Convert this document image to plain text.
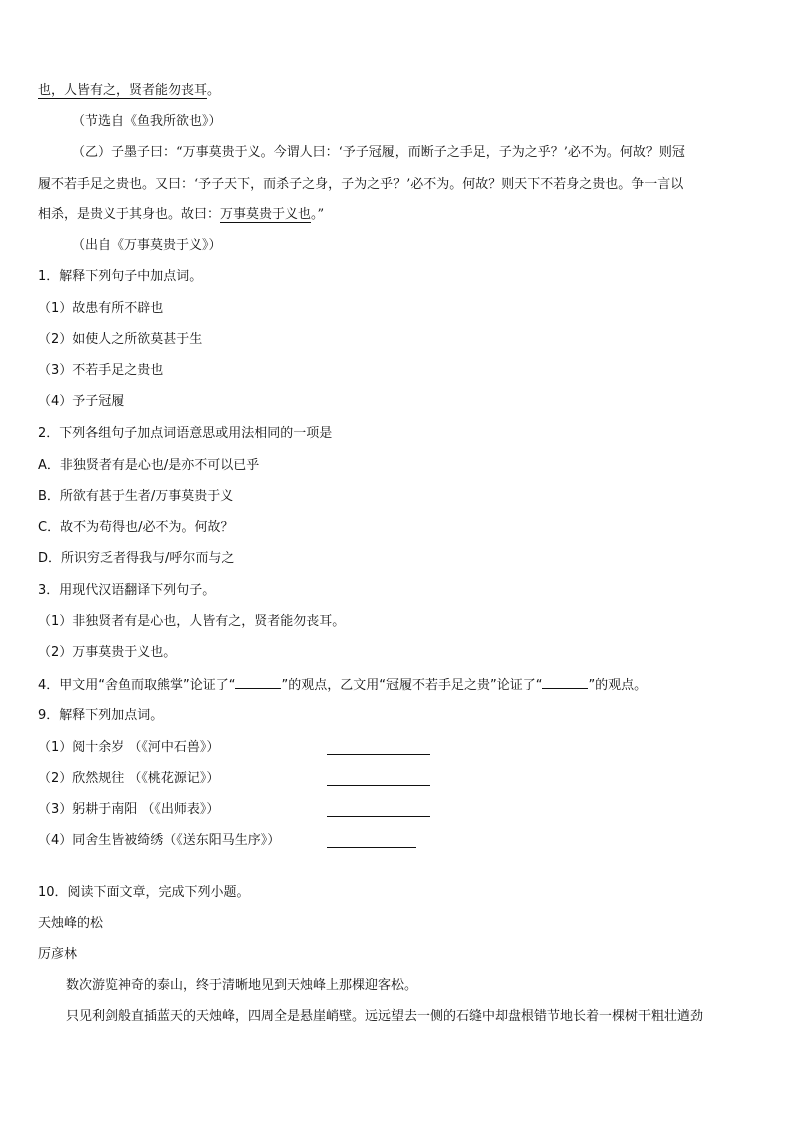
也，人皆有之，贤者能勿丧耳。
（节选自《鱼我所欲也》）
（乙）子墨子曰：“万事莫贵于义。今谓人曰：‘予子冠履，而断子之手足，子为之乎？’必不为。何故？则冠
履不若手足之贵也。又曰：‘予子天下，而杀子之身，子为之乎？’必不为。何故？则天下不若身之贵也。争一言以
相杀，是贵义于其身也。故曰：万事莫贵于义也。”
（出自《万事莫贵于义》）
1．解释下列句子中加点词。
（1）故患有所不辟也
（2）如使人之所欲莫甚于生
（3）不若手足之贵也
（4）予子冠履
2．下列各组句子加点词语意思或用法相同的一项是
A．非独贤者有是心也/是亦不可以已乎
B．所欲有甚于生者/万事莫贵于义
C．故不为苟得也/必不为。何故？
D．所识穷乏者得我与/呼尔而与之
3．用现代汉语翻译下列句子。
（1）非独贤者有是心也，人皆有之，贤者能勿丧耳。
（2）万事莫贵于义也。
4．甲文用“舍鱼而取熊掌”论证了“	”的观点，乙文用“冠履不若手足之贵”论证了“	”的观点。
9．解释下列加点词。
（1）阅十余岁 （《河中石兽》）
（2）欣然规往 （《桃花源记》）
（3）躬耕于南阳 （《出师表》）
（4）同舍生皆被绮绣（《送东阳马生序》）
10．阅读下面文章，完成下列小题。
天烛峰的松
厉彦林
数次游览神奇的泰山，终于清晰地见到天烛峰上那棵迎客松。
只见利剑般直插蓝天的天烛峰，四周全是悬崖峭壁。远远望去一侧的石缝中却盘根错节地长着一棵树干粗壮遒劲
